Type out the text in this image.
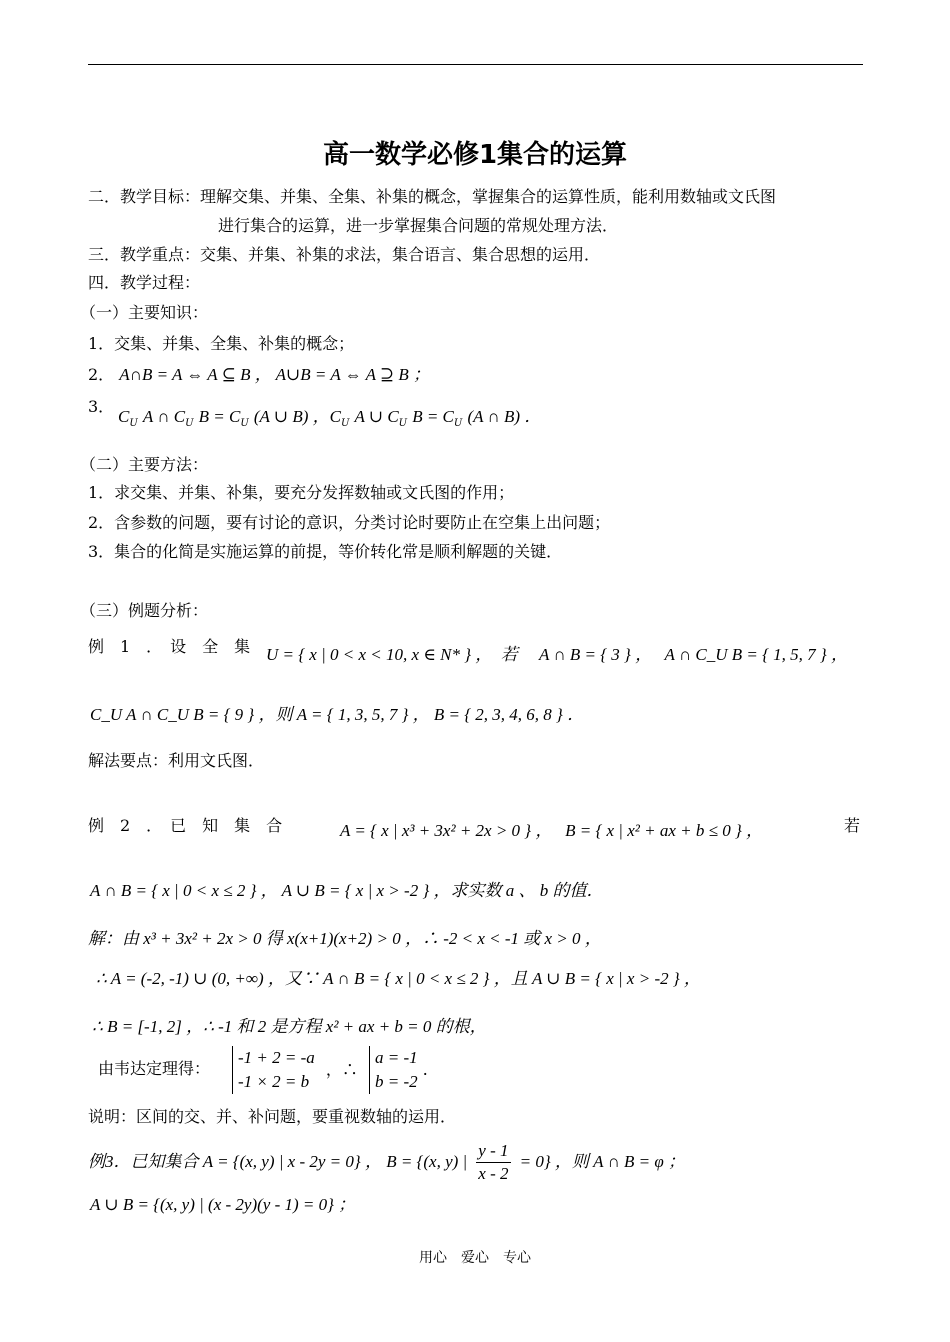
高一数学必修1集合的运算
二．教学目标：理解交集、并集、全集、补集的概念，掌握集合的运算性质，能利用数轴或文氏图
进行集合的运算，进一步掌握集合问题的常规处理方法．
三．教学重点：交集、并集、补集的求法，集合语言、集合思想的运用．
四．教学过程：
（一）主要知识：
1．交集、并集、全集、补集的概念；
2． A∩B = A ⇔ A ⊆ B ， A∪B = A ⇔ A ⊇ B ；
3．
$C_U$ A ∩ $C_U$ $B = C_U$ (A ∪ B) ，$C_U$ A ∪ $C_U$ $B = C_U$ (A ∩ B) ．
（二）主要方法：
1．求交集、并集、补集，要充分发挥数轴或文氏图的作用；
2．含参数的问题，要有讨论的意识，分类讨论时要防止在空集上出问题；
3．集合的化简是实施运算的前提，等价转化常是顺利解题的关键．
（三）例题分析：
例　1　．　设　全　集 U = { x | 0 < x < 10, x ∈ N* } ，　若　 A ∩ B = { 3 } ，　 A ∩ C_U B = { 1, 5, 7 } ，
C_U A ∩ C_U B = { 9 } ，则 A = { 1, 3, 5, 7 } ， B = { 2, 3, 4, 6, 8 } ．
解法要点：利用文氏图．
例　2　．　已　知　集　合	A = { x | x³ + 3x² + 2x > 0 } ，　 B = { x | x² + ax + b ≤ 0 } ，	若
A ∩ B = { x | 0 < x ≤ 2 } ， A ∪ B = { x | x > -2 } ，求实数 a 、 b 的值．
解：由 x³ + 3x² + 2x > 0 得 x(x+1)(x+2) > 0 ，∴ -2 < x < -1 或 x > 0 ，
∴ A = (-2, -1) ∪ (0, +∞) ，又∵ A ∩ B = { x | 0 < x ≤ 2 } ，且 A ∪ B = { x | x > -2 } ，
∴ B = [-1, 2] ，∴ -1 和 2 是方程 x² + ax + b = 0 的根，
由韦达定理得：
-1 + 2 = -a
-1 × 2 = b ，∴ a = -1
b = -2 ．
说明：区间的交、并、补问题，要重视数轴的运用．
例3．已知集合 A = {(x, y) | x - 2y = 0} ， B = {(x, y) | $\frac{y - 1}{x - 2} = 0$} ，则 A ∩ B = φ ；
A ∪ B = {(x, y) | (x - 2y)(y - 1) = 0} ；
用心　爱心　专心
